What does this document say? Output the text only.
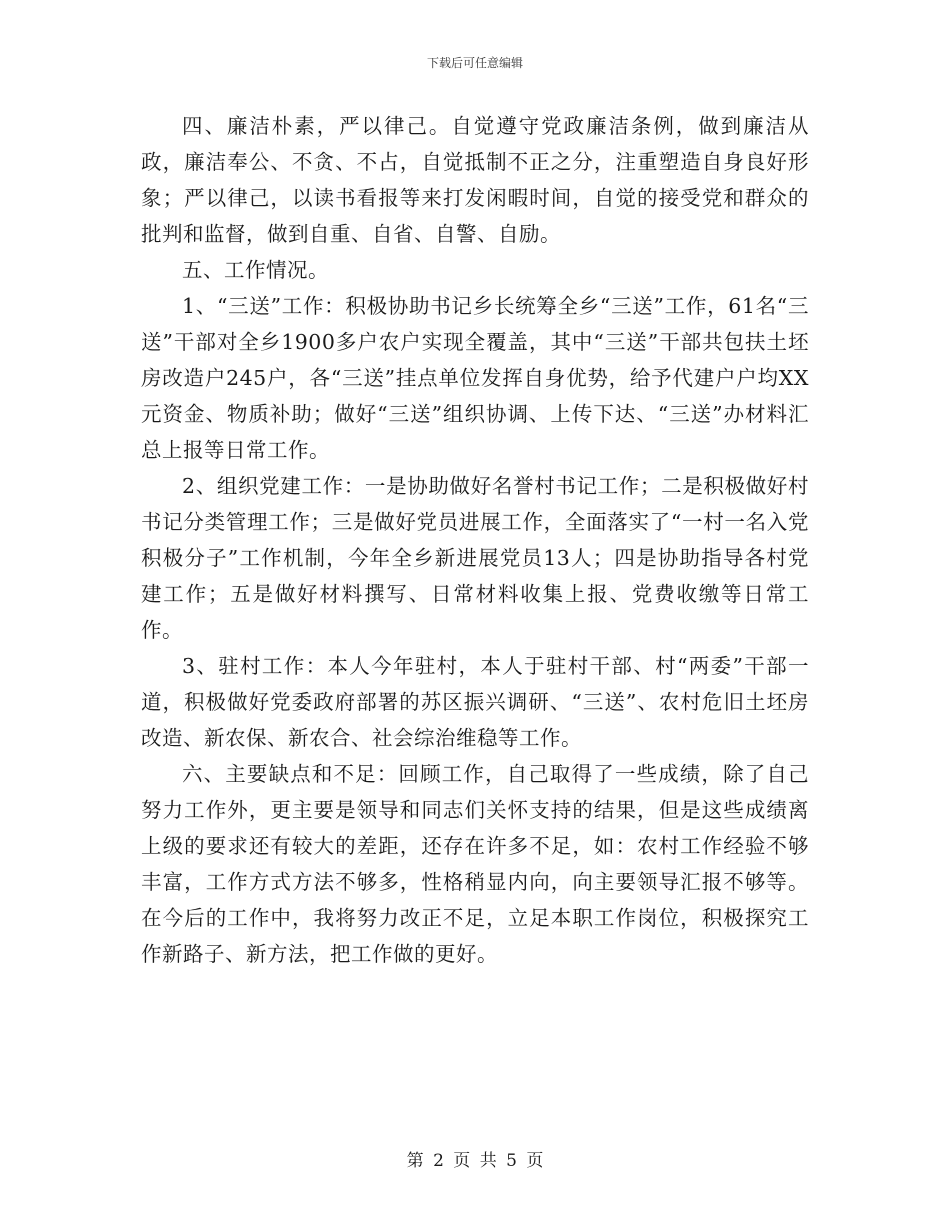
下载后可任意编辑

四、廉洁朴素，严以律己。自觉遵守党政廉洁条例，做到廉洁从政，廉洁奉公、不贪、不占，自觉抵制不正之分，注重塑造自身良好形象；严以律己，以读书看报等来打发闲暇时间，自觉的接受党和群众的批判和监督，做到自重、自省、自警、自励。

五、工作情况。

1、“三送”工作：积极协助书记乡长统筹全乡“三送”工作，61名“三送”干部对全乡1900多户农户实现全覆盖，其中“三送”干部共包扶土坯房改造户245户，各“三送”挂点单位发挥自身优势，给予代建户户均XX元资金、物质补助；做好“三送”组织协调、上传下达、“三送”办材料汇总上报等日常工作。

2、组织党建工作：一是协助做好名誉村书记工作；二是积极做好村书记分类管理工作；三是做好党员进展工作，全面落实了“一村一名入党积极分子”工作机制，今年全乡新进展党员13人；四是协助指导各村党建工作；五是做好材料撰写、日常材料收集上报、党费收缴等日常工作。

3、驻村工作：本人今年驻村，本人于驻村干部、村“两委”干部一道，积极做好党委政府部署的苏区振兴调研、“三送”、农村危旧土坯房改造、新农保、新农合、社会综治维稳等工作。

六、主要缺点和不足：回顾工作，自己取得了一些成绩，除了自己努力工作外，更主要是领导和同志们关怀支持的结果，但是这些成绩离上级的要求还有较大的差距，还存在许多不足，如：农村工作经验不够丰富，工作方式方法不够多，性格稍显内向，向主要领导汇报不够等。在今后的工作中，我将努力改正不足，立足本职工作岗位，积极探究工作新路子、新方法，把工作做的更好。

第 2 页 共 5 页
